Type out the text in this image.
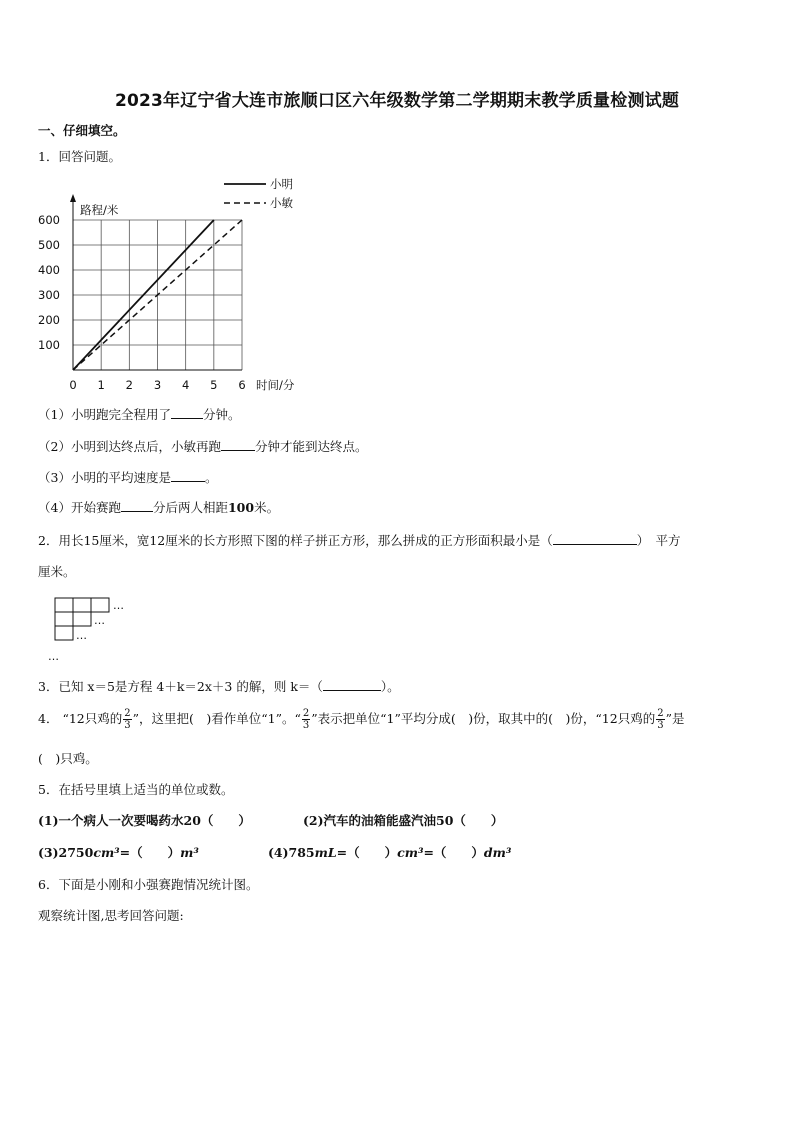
2023年辽宁省大连市旅顺口区六年级数学第二学期期末教学质量检测试题
一、仔细填空。
1．回答问题。
0 1 2 3 4 5 6
100
200
300
400
500
600
小明
小敏
路程/米
时间/分
（1）小明跑完全程用了	分钟。
（2）小明到达终点后，小敏再跑	分钟才能到达终点。
（3）小明的平均速度是	。
（4）开始赛跑	分后两人相距100米。
2．用长15厘米，宽12厘米的长方形照下图的样子拼正方形，那么拼成的正方形面积最小是（	）　平方
厘米。
…
…
…
…
3．已知 x＝5是方程 4＋k＝2x＋3 的解，则 k＝（	）。
4． “12只鸡的 $\frac{2}{3}$ ”，这里把(　)看作单位“1”。“ $\frac{2}{3}$ ”表示把单位“1”平均分成(　)份，取其中的(　)份，“12只鸡的 $\frac{2}{3}$ ”是
(　)只鸡。
5．在括号里填上适当的单位或数。
(1)一个病人一次要喝药水20（　　）	(2)汽车的油箱能盛汽油50（　　）
(3)2750cm³=（　　）m³	(4)785mL=（　　）cm³=（　　）dm³
6．下面是小刚和小强赛跑情况统计图。
观察统计图,思考回答问题:
